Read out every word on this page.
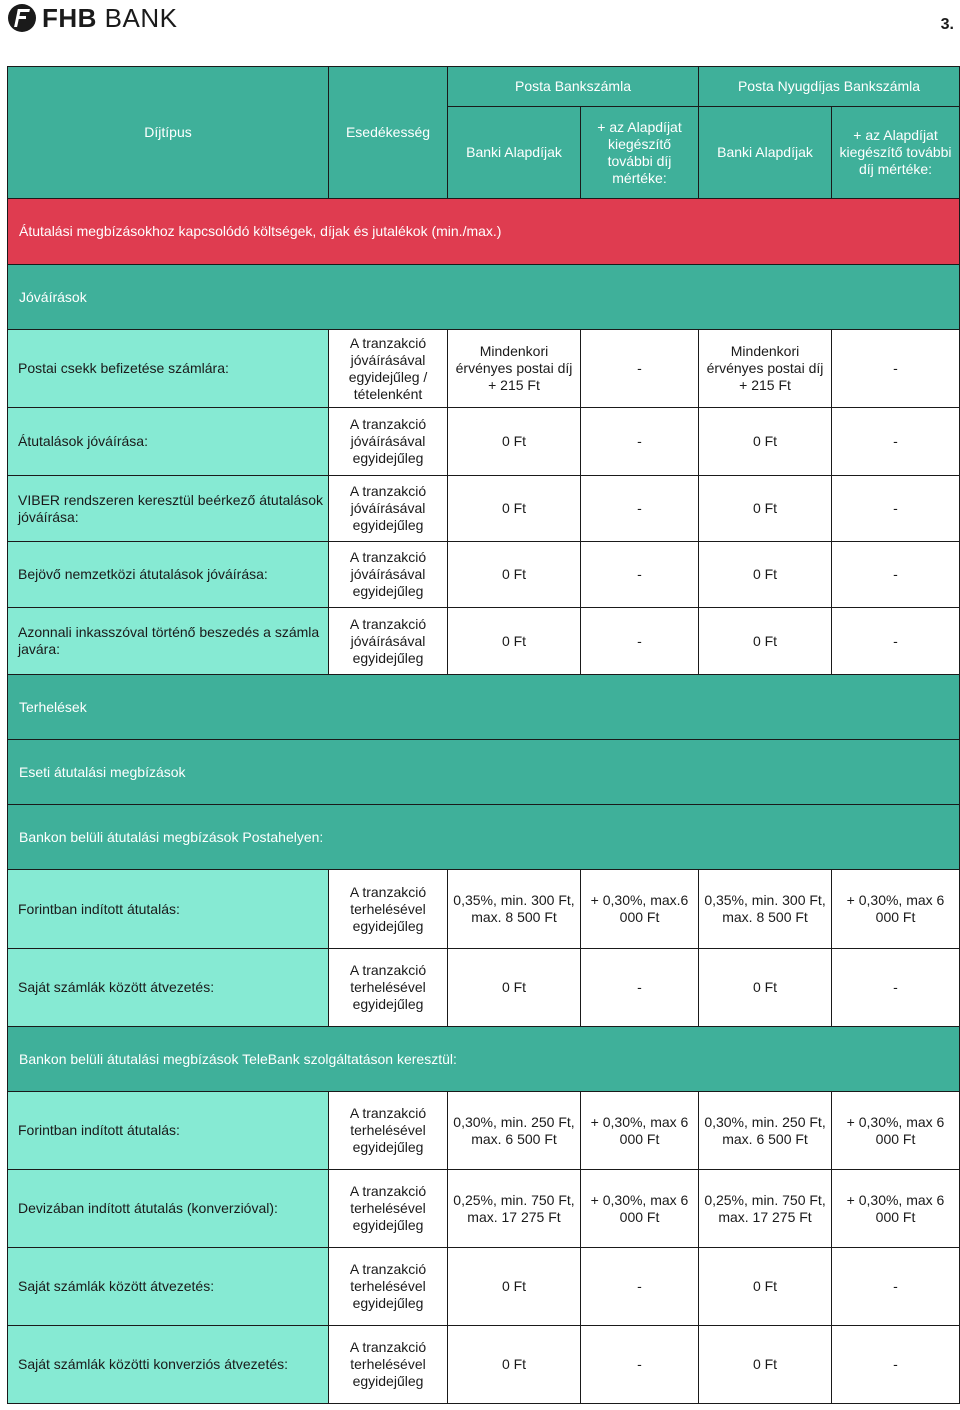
FHB BANK	3.
Díjtípus	Esedékesség	Posta Bankszámla		Posta Nyugdíjas Bankszámla	
		Banki Alapdíjak	+ az Alapdíjat kiegészítő további díj mértéke:	Banki Alapdíjak	+ az Alapdíjat kiegészítő további díj mértéke:
Átutalási megbízásokhoz kapcsolódó költségek, díjak és jutalékok (min./max.)					
Jóváírások					
Postai csekk befizetése számlára:	A tranzakció jóváírásával egyidejűleg / tételenként	Mindenkori érvényes postai díj + 215 Ft	-	Mindenkori érvényes postai díj + 215 Ft	-
Átutalások jóváírása:	A tranzakció jóváírásával egyidejűleg	0 Ft	-	0 Ft	-
VIBER rendszeren keresztül beérkező átutalások jóváírása:	A tranzakció jóváírásával egyidejűleg	0 Ft	-	0 Ft	-
Bejövő nemzetközi átutalások jóváírása:	A tranzakció jóváírásával egyidejűleg	0 Ft	-	0 Ft	-
Azonnali inkasszóval történő beszedés a számla javára:	A tranzakció jóváírásával egyidejűleg	0 Ft	-	0 Ft	-
Terhelések					
Eseti átutalási megbízások					
Bankon belüli átutalási megbízások Postahelyen:					
Forintban indított átutalás:	A tranzakció terhelésével egyidejűleg	0,35%, min. 300 Ft, max. 8 500 Ft	+ 0,30%, max.6 000 Ft	0,35%, min. 300 Ft, max. 8 500 Ft	+ 0,30%, max 6 000 Ft
Saját számlák között átvezetés:	A tranzakció terhelésével egyidejűleg	0 Ft	-	0 Ft	-
Bankon belüli átutalási megbízások TeleBank szolgáltatáson keresztül:					
Forintban indított átutalás:	A tranzakció terhelésével egyidejűleg	0,30%, min. 250 Ft, max. 6 500 Ft	+ 0,30%, max 6 000 Ft	0,30%, min. 250 Ft, max. 6 500 Ft	+ 0,30%, max 6 000 Ft
Devizában indított átutalás (konverzióval):	A tranzakció terhelésével egyidejűleg	0,25%, min. 750 Ft, max. 17 275 Ft	+ 0,30%, max 6 000 Ft	0,25%, min. 750 Ft, max. 17 275 Ft	+ 0,30%, max 6 000 Ft
Saját számlák között átvezetés:	A tranzakció terhelésével egyidejűleg	0 Ft	-	0 Ft	-
Saját számlák közötti konverziós átvezetés:	A tranzakció terhelésével egyidejűleg	0 Ft	-	0 Ft	-
